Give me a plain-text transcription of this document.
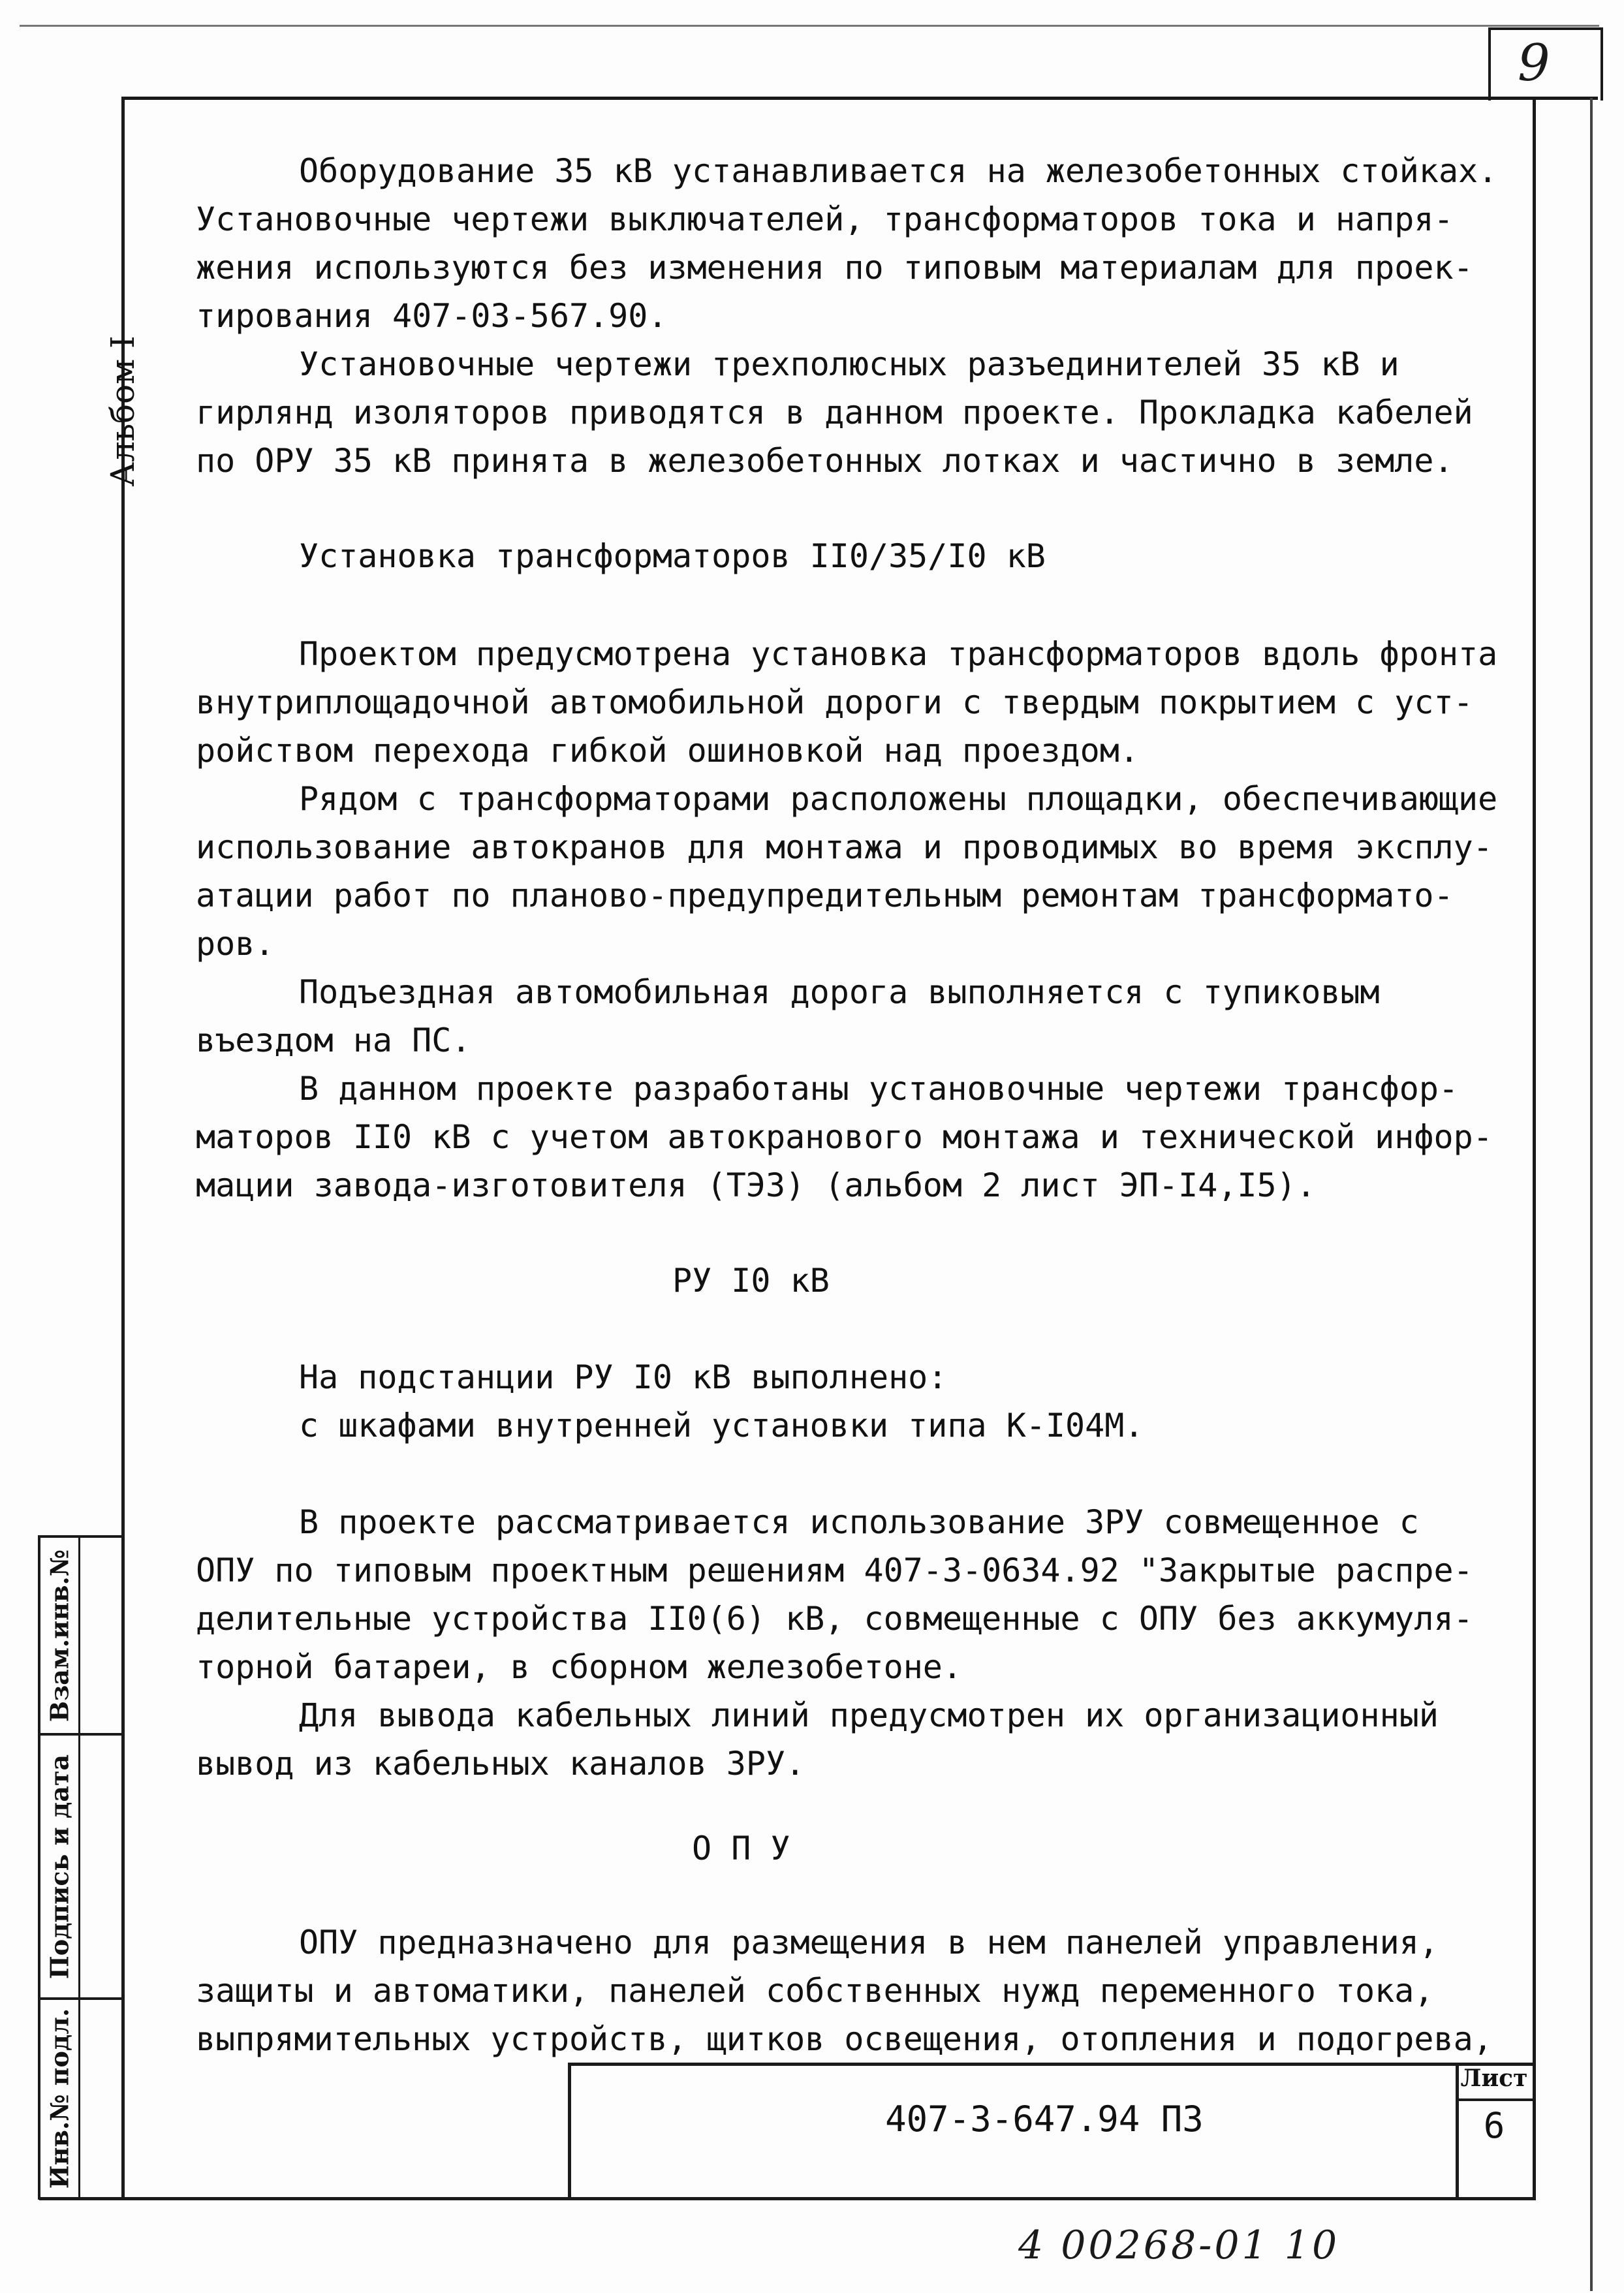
9
Альбом I
Взам.инв.№
Подпись и дата
Инв.№ подл.
Оборудование 35 кВ устанавливается на железобетонных стойках.
Установочные чертежи выключателей, трансформаторов тока и напря-
жения используются без изменения по типовым материалам для проек-
тирования 407-03-567.90.
Установочные чертежи трехполюсных разъединителей 35 кВ и
гирлянд изоляторов приводятся в данном проекте. Прокладка кабелей
по ОРУ 35 кВ принята в железобетонных лотках и частично в земле.
Установка трансформаторов II0/35/I0 кВ
Проектом предусмотрена установка трансформаторов вдоль фронта
внутриплощадочной автомобильной дороги с твердым покрытием с уст-
ройством перехода гибкой ошиновкой над проездом.
Рядом с трансформаторами расположены площадки, обеспечивающие
использование автокранов для монтажа и проводимых во время эксплу-
атации работ по планово-предупредительным ремонтам трансформато-
ров.
Подъездная автомобильная дорога выполняется с тупиковым
въездом на ПС.
В данном проекте разработаны установочные чертежи трансфор-
маторов II0 кВ с учетом автокранового монтажа и технической инфор-
мации завода-изготовителя (ТЭЗ) (альбом 2 лист ЭП-I4,I5).
РУ I0 кВ
На подстанции РУ I0 кВ выполнено:
с шкафами внутренней установки типа К-I04М.
В проекте рассматривается использование ЗРУ совмещенное с
ОПУ по типовым проектным решениям 407-3-0634.92 "Закрытые распре-
делительные устройства II0(6) кВ, совмещенные с ОПУ без аккумуля-
торной батареи, в сборном железобетоне.
Для вывода кабельных линий предусмотрен их организационный
вывод из кабельных каналов ЗРУ.
О П У
ОПУ предназначено для размещения в нем панелей управления,
защиты и автоматики, панелей собственных нужд переменного тока,
выпрямительных устройств, щитков освещения, отопления и подогрева,
407-3-647.94 ПЗ
Лист
6
4 00268-01 10
